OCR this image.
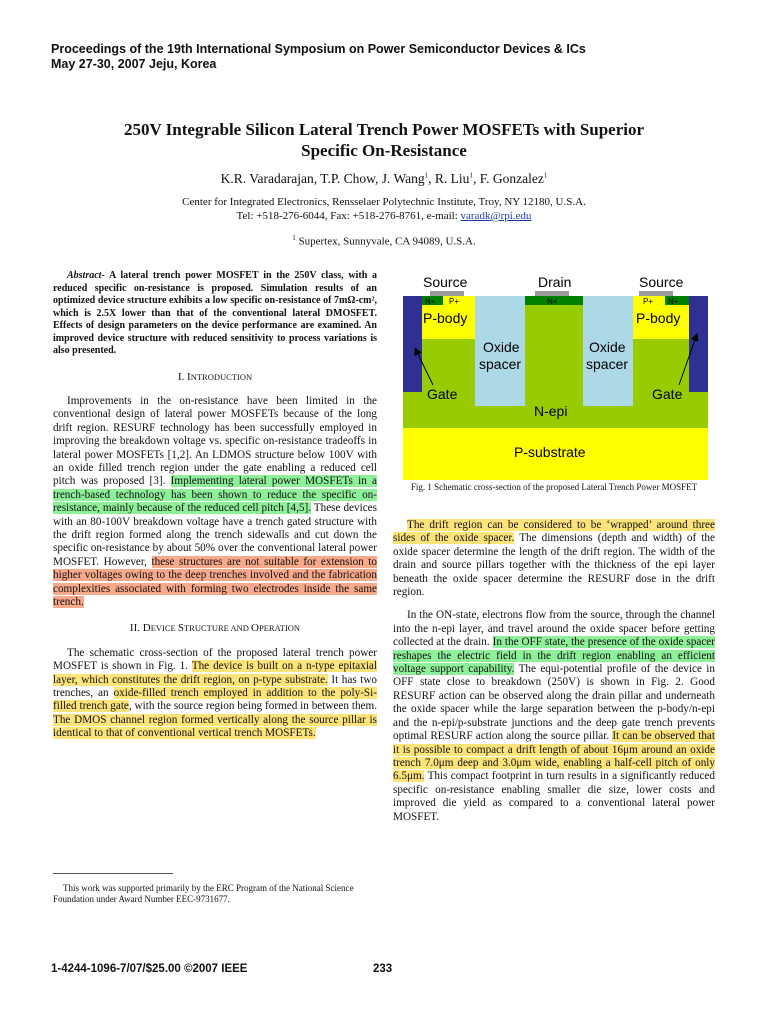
Proceedings of the 19th International Symposium on Power Semiconductor Devices & ICs
May 27-30, 2007 Jeju, Korea
250V Integrable Silicon Lateral Trench Power MOSFETs with Superior
Specific On-Resistance
K.R. Varadarajan, T.P. Chow, J. Wang$^1$, R. Liu$^1$, F. Gonzalez$^1$
Center for Integrated Electronics, Rensselaer Polytechnic Institute, Troy, NY 12180, U.S.A.
Tel: +518-276-6044, Fax: +518-276-8761, e-mail: varadk@rpi.edu
$^1$ Supertex, Sunnyvale, CA 94089, U.S.A.

Abstract- A lateral trench power MOSFET in the 250V class, with a reduced specific on-resistance is proposed. Simulation results of an optimized device structure exhibits a low specific on-resistance of 7mΩ-cm², which is 2.5X lower than that of the conventional lateral DMOSFET. Effects of design parameters on the device performance are examined. An improved device structure with reduced sensitivity to process variations is also presented.

I. INTRODUCTION

Improvements in the on-resistance have been limited in the conventional design of lateral power MOSFETs because of the long drift region. RESURF technology has been successfully employed in improving the breakdown voltage vs. specific on-resistance tradeoffs in lateral power MOSFETs [1,2]. An LDMOS structure below 100V with an oxide filled trench region under the gate enabling a reduced cell pitch was proposed [3]. Implementing lateral power MOSFETs in a trench-based technology has been shown to reduce the specific on-resistance, mainly because of the reduced cell pitch [4,5]. These devices with an 80-100V breakdown voltage have a trench gated structure with the drift region formed along the trench sidewalls and cut down the specific on-resistance by about 50% over the conventional lateral power MOSFET. However, these structures are not suitable for extension to higher voltages owing to the deep trenches involved and the fabrication complexities associated with forming two electrodes inside the same trench.

II. DEVICE STRUCTURE AND OPERATION

The schematic cross-section of the proposed lateral trench power MOSFET is shown in Fig. 1. The device is built on a n-type epitaxial layer, which constitutes the drift region, on p-type substrate. It has two trenches, an oxide-filled trench employed in addition to the poly-Si-filled trench gate, with the source region being formed in between them. The DMOS channel region formed vertically along the source pillar is identical to that of conventional vertical trench MOSFETs.

Source	Drain	Source
N+ P+	N+	P+ N+
P-body	P-body
Oxide
spacer
Oxide
spacer
Gate	Gate
N-epi
P-substrate
Fig. 1 Schematic cross-section of the proposed Lateral Trench Power MOSFET

The drift region can be considered to be ‘wrapped’ around three sides of the oxide spacer. The dimensions (depth and width) of the oxide spacer determine the length of the drift region. The width of the drain and source pillars together with the thickness of the epi layer beneath the oxide spacer determine the RESURF dose in the drift region.

In the ON-state, electrons flow from the source, through the channel into the n-epi layer, and travel around the oxide spacer before getting collected at the drain. In the OFF state, the presence of the oxide spacer reshapes the electric field in the drift region enabling an efficient voltage support capability. The equi-potential profile of the device in OFF state close to breakdown (250V) is shown in Fig. 2. Good RESURF action can be observed along the drain pillar and underneath the oxide spacer while the large separation between the p-body/n-epi and the n-epi/p-substrate junctions and the deep gate trench prevents optimal RESURF action along the source pillar. It can be observed that it is possible to compact a drift length of about 16μm around an oxide trench 7.0μm deep and 3.0μm wide, enabling a half-cell pitch of only 6.5μm. This compact footprint in turn results in a significantly reduced specific on-resistance enabling smaller die size, lower costs and improved die yield as compared to a conventional lateral power MOSFET.

This work was supported primarily by the ERC Program of the National Science Foundation under Award Number EEC-9731677.
1-4244-1096-7/07/$25.00 ©2007 IEEE	233
